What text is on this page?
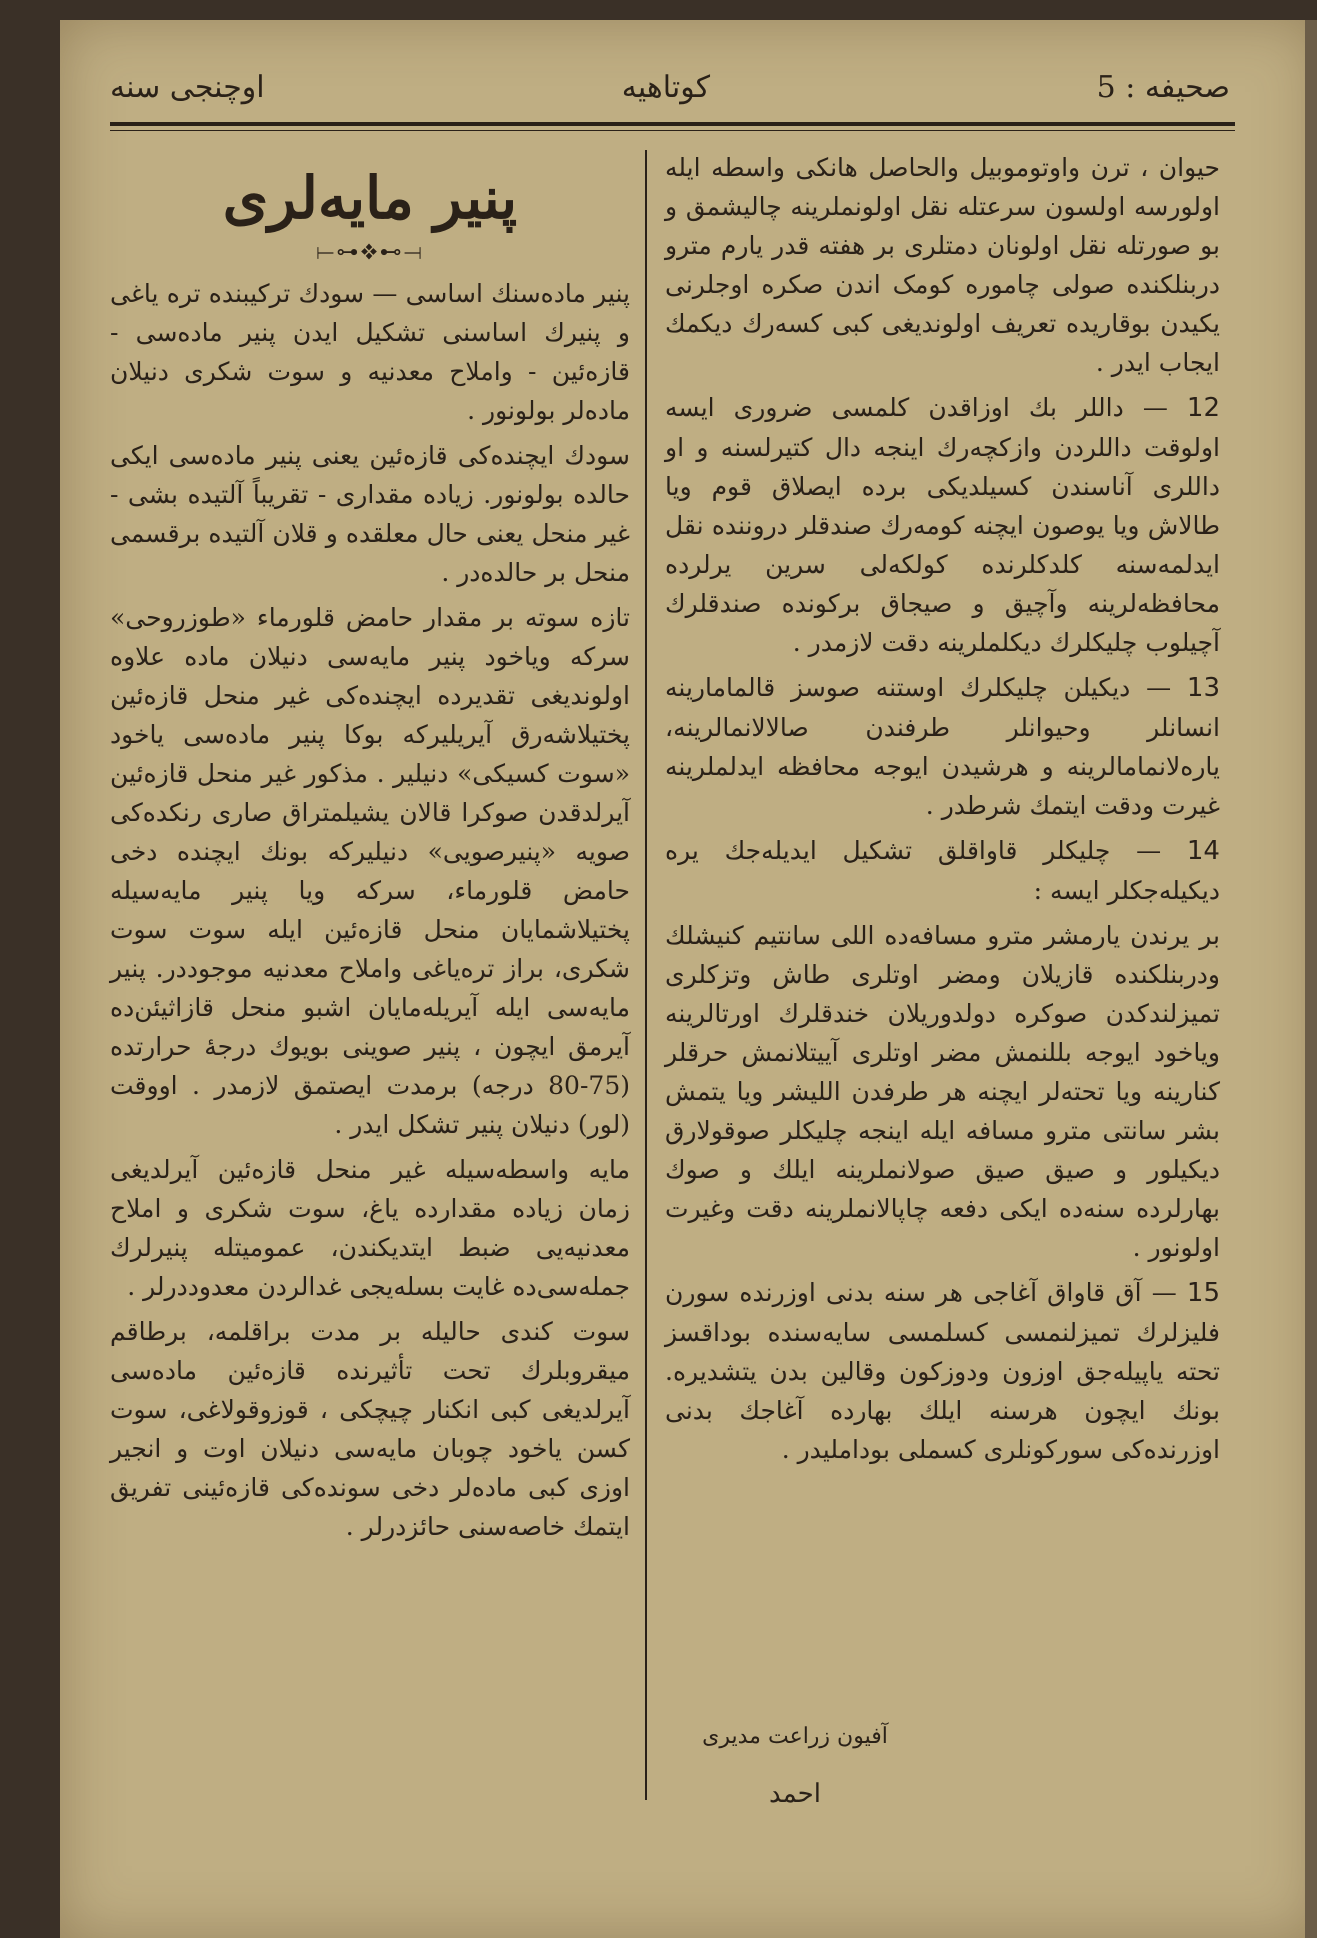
صحیفه : 5
کوتاهیه
اوچنجی سنه

حیوان ، ترن واوتوموبیل والحاصل هانکی واسطه ایله اولورسه اولسون سرعتله نقل اولونملرینه چالیشمق و بو صورتله نقل اولونان دمتلری بر هفته قدر یارم مترو دربنلکنده صولی چاموره کومک اندن صکره اوجلرنی یکیدن بوقاریده تعریف اولوندیغی کبی کسه‌رك دیکمك ایجاب ایدر .

12 — داللر بك اوزاقدن کلمسی ضروری ایسه اولوقت داللردن وازکچه‌رك اینجه دال کتیرلسنه و او داللری آناسندن کسیلدیکی برده ایصلاق قوم ویا طالاش ویا یوصون ایچنه کومه‌رك صندقلر دروننده نقل ایدلمه‌سنه کلدکلرنده کولکه‌لی سرین یرلرده محافظه‌لرینه وآچیق و صیجاق برکونده صندقلرك آچیلوب چلیکلرك دیکلملرینه دقت لازمدر .

13 — دیکیلن چلیکلرك اوستنه صوسز قالمامارینه انسانلر وحیوانلر طرفندن صالالانمالرینه، یاره‌لانمامالرینه و هرشیدن ایوجه محافظه ایدلملرینه غیرت ودقت ایتمك شرطدر .

14 — چلیکلر قاواقلق تشکیل ایدیله‌جك یره دیکیله‌جکلر ایسه :

بر یرندن یارمشر مترو مسافه‌ده اللی سانتیم کنیشلك ودربنلکنده قازیلان ومضر اوتلری طاش وتزکلری تمیزلندکدن صوکره دولدوریلان خندقلرك اورتالرینه ویاخود ایوجه بللنمش مضر اوتلری آییتلانمش حرقلر کنارینه ویا تحته‌لر ایچنه هر طرفدن اللیشر ویا یتمش بشر سانتی مترو مسافه ایله اینجه چلیکلر صوقولارق دیکیلور و صیق صیق صولانملرینه ایلك و صوك بهارلرده سنه‌ده ایکی دفعه چاپالانملرینه دقت وغیرت اولونور .

15 — آق قاواق آغاجی هر سنه بدنی اوزرنده سورن فلیزلرك تمیزلنمسی کسلمسی سایه‌سنده بوداقسز تحته یاپیله‌جق اوزون ودوزکون وقالین بدن یتشدیره. بونك ایچون هرسنه ایلك بهارده آغاجك بدنی اوزرنده‌کی سورکونلری کسملی بوداملیدر .

پنیر مایه‌لری
⟝⊶❖⊷⟞

پنیر ماده‌سنك اساسی — سودك ترکیبنده تره یاغی و پنیرك اساسنی تشکیل ایدن پنیر ماده‌سی - قازه‌ئین - واملاح معدنیه و سوت شکری دنیلان ماده‌لر بولونور .

سودك ایچنده‌کی قازه‌ئین یعنی پنیر ماده‌سی ایکی حالده بولونور. زیاده مقداری - تقریباً آلتیده بشی - غیر منحل یعنی حال معلقده و قلان آلتیده برقسمی منحل بر حالده‌در .

تازه سوته بر مقدار حامض قلورماء «طوزروحی» سرکه ویاخود پنیر مایه‌سی دنیلان ماده علاوه اولوندیغی تقدیرده ایچنده‌کی غیر منحل قازه‌ئین پختیلاشه‌رق آیریلیرکه بوکا پنیر ماده‌سی یاخود «سوت کسیکی» دنیلیر . مذکور غیر منحل قازه‌ئین آیرلدقدن صوکرا قالان یشیلمتراق صاری رنکده‌کی صویه «پنیرصویی» دنیلیرکه بونك ایچنده دخی حامض قلورماء، سرکه ویا پنیر مایه‌سیله پختیلاشمایان منحل قازه‌ئین ایله سوت سوت شکری، براز تره‌یاغی واملاح معدنیه موجوددر. پنیر مایه‌سی ایله آیریله‌مایان اشبو منحل قازاثیئن‌ده آیرمق ایچون ، پنیر صوینی بویوك درجه‌ٔ حرارتده (75-80 درجه) برمدت ایصتمق لازمدر . اووقت (لور) دنیلان پنیر تشکل ایدر .

مایه واسطه‌سیله غیر منحل قازه‌ئین آیرلدیغی زمان زیاده مقدارده یاغ، سوت شکری و املاح معدنیه‌یی ضبط ایتدیکندن، عمومیتله پنیرلرك جمله‌سی‌ده غایت بسله‌یجی غدالردن معدوددرلر .

سوت کندی حالیله بر مدت براقلمه، برطاقم میقروبلرك تحت تأثیرنده قازه‌ئین ماده‌سی آیرلدیغی کبی انکنار چیچکی ، قوزوقولاغی، سوت کسن یاخود چوبان مایه‌سی دنیلان اوت و انجیر اوزی کبی ماده‌لر دخی سونده‌کی قازه‌ئینی تفریق ایتمك خاصه‌سنی حائزدرلر .

آفیون زراعت مدیری
احمد
